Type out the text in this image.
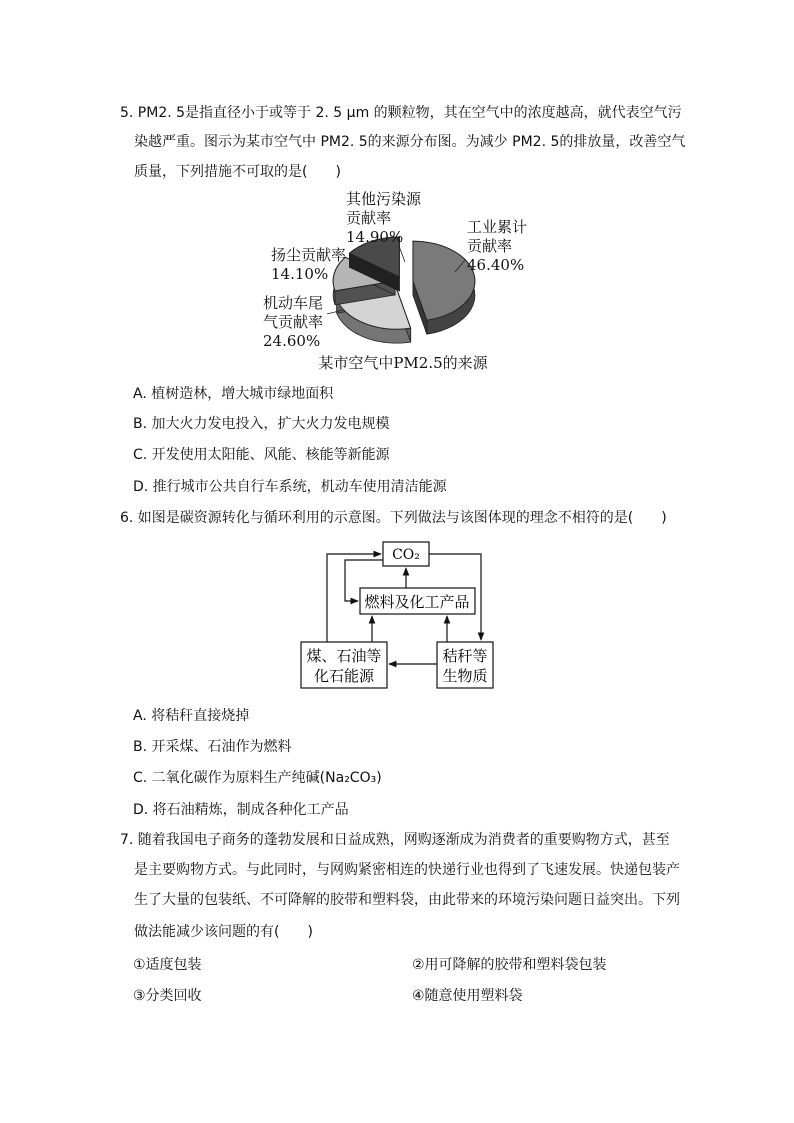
5. PM2. 5是指直径小于或等于 2. 5 μm 的颗粒物，其在空气中的浓度越高，就代表空气污
染越严重。图示为某市空气中 PM2. 5的来源分布图。为减少 PM2. 5的排放量，改善空气
质量，下列措施不可取的是(　　)
工业累计
贡献率
46.40%
机动车尾
气贡献率
24.60%
扬尘贡献率
14.10%
其他污染源
贡献率
14.90%
某市空气中PM2.5的来源
A. 植树造林，增大城市绿地面积
B. 加大火力发电投入，扩大火力发电规模
C. 开发使用太阳能、风能、核能等新能源
D. 推行城市公共自行车系统，机动车使用清洁能源
6. 如图是碳资源转化与循环利用的示意图。下列做法与该图体现的理念不相符的是(　　)
CO₂
燃料及化工产品
煤、石油等
化石能源
秸秆等
生物质
A. 将秸秆直接烧掉
B. 开采煤、石油作为燃料
C. 二氧化碳作为原料生产纯碱(Na₂CO₃)
D. 将石油精炼，制成各种化工产品
7. 随着我国电子商务的蓬勃发展和日益成熟，网购逐渐成为消费者的重要购物方式，甚至
是主要购物方式。与此同时，与网购紧密相连的快递行业也得到了飞速发展。快递包装产
生了大量的包装纸、不可降解的胶带和塑料袋，由此带来的环境污染问题日益突出。下列
做法能减少该问题的有(　　)
①适度包装	②用可降解的胶带和塑料袋包装
③分类回收	④随意使用塑料袋
